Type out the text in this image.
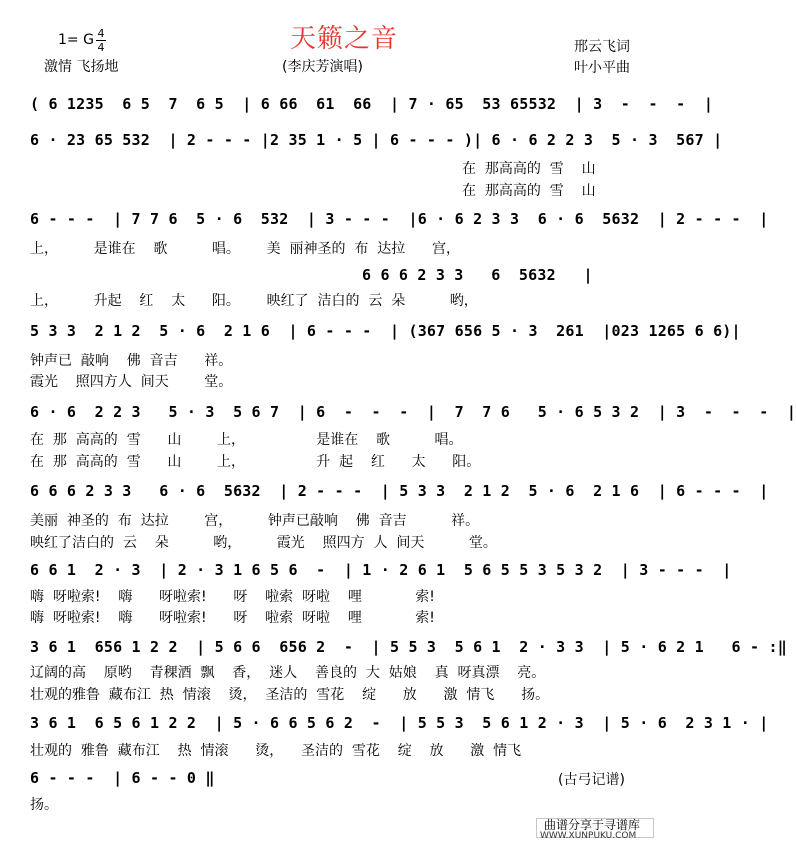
天籁之音
1= G 4
4
激情 飞扬地	(李庆芳演唱)
邢云飞词
叶小平曲
( 6 1235  6 5  7  6 5  | 6 66  61  66  | 7 · 65  53 65532  | 3  -  -  -  |
6 · 23 65 532  | 2 - - - |2 35 1 · 5 | 6 - - - )| 6 · 6 2 2 3  5 · 3  567 |
在  那高高的  雪    山
在  那高高的  雪    山
6 - - -  | 7 7 6  5 · 6  532  | 3 - - -  |6 · 6 2 3 3  6 · 6  5632  | 2 - - -  |
上，        是谁在    歌          唱。      美  丽神圣的  布  达拉      宫，
6 6 6 2 3 3   6  5632   |
上，        升起    红    太      阳。      映红了  洁白的  云  朵          哟，
5 3 3  2 1 2  5 · 6  2 1 6  | 6 - - -  | (367 656 5 · 3  261  |023 1265 6 6)|
钟声已  敲响    佛  音吉      祥。
霞光    照四方人  间天        堂。
6 · 6  2 2 3   5 · 3  5 6 7  | 6  -  -  -  |  7  7 6   5 · 6 5 3 2  | 3  -  -  -  |
在  那  高高的  雪      山        上，                是谁在    歌          唱。
在  那  高高的  雪      山        上，                升  起    红      太      阳。
6 6 6 2 3 3   6 · 6  5632  | 2 - - -  | 5 3 3  2 1 2  5 · 6  2 1 6  | 6 - - -  |
美丽  神圣的  布  达拉        宫，        钟声已敲响    佛  音吉          祥。
映红了洁白的  云    朵          哟，        霞光    照四方  人  间天          堂。
6 6 1  2 · 3  | 2 · 3 1 6 5 6  -  | 1 · 2 6 1  5 6 5 5 3 5 3 2  | 3 - - -  |
嗨  呀啦索!    嗨      呀啦索!      呀    啦索  呀啦    哩            索!
嗨  呀啦索!    嗨      呀啦索!      呀    啦索  呀啦    哩            索!
3 6 1  656 1 2 2  | 5 6 6  656 2  -  | 5 5 3  5 6 1  2 · 3 3  | 5 · 6 2 1   6 - :‖
辽阔的高    原哟    青稞酒  飘    香，  迷人    善良的  大  姑娘    真  呀真漂    亮。
壮观的雅鲁  藏布江  热  情滚    烫，  圣洁的  雪花    绽      放      激  情飞      扬。
3 6 1  6 5 6 1 2 2  | 5 · 6 6 5 6 2  -  | 5 5 3  5 6 1 2 · 3  | 5 · 6  2 3 1 · |
壮观的  雅鲁  藏布江    热  情滚      烫，    圣洁的  雪花    绽    放      激  情飞
6 - - -  | 6 - - 0 ‖
扬。
(古弓记谱)
曲谱分享于寻谱库
WWW.XUNPUKU.COM
